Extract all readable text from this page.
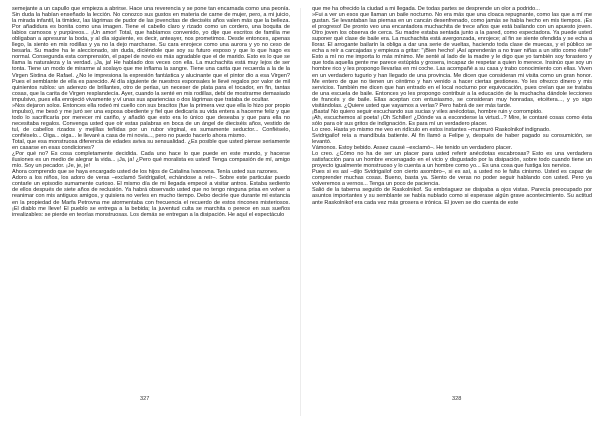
semejante a un capullo que empieza a abrirse. Hace una reverencia y se pone tan encarnada como una peonía. Sin duda la habían enseñado la lección. No conozco sus gustos en materia de carne de mujer, pero, a mi juicio, la mirada infantil, la timidez, las lágrimas de pudor de las jovencitas de dieciséis años valen más que la belleza. Por añadidura es bonita como una imagen. Tiene el cabello claro y rizado como un cordero, una boquita de labios carnosos y purpúreos... ¡Un amor! Total, que habíamos convenido, yo dije que escritos de familia me obligaban a apresurar la boda, y al día siguiente, es decir, anteayer, nos prometimos. Desde entonces, apenas llego, la siento en mis rodillas y ya no la dejo marcharse. Su cara enrojece como una aurora y yo no ceso de besarla. Su madre ha le aleccionado, sin duda, diciéndole que soy su futuro esposo y que lo que hago es normal. Consegunda esta comprensión, el papel de novio es más agradable que el de marido. Esto es lo que se llama la naturaleza y la verdad. ¡Ja, ja! He hablado dos veces con ella. La muchachita está muy lejos de ser tonta. Tiene un modo de mirarme al soslayo que me inflama la sangre. Tiene una carita que recuerda a la de la Virgen Sixtina de Rafael. ¿No le impresiona la expresión fantástica y alucinante que el pintor dio a esa Virgen? Pues el semblante de ella es parecido. Al día siguiente de nuestros esponsales le llevé regalos por valor de mil quinientos rublos: un aderezo de brillantes, otro de perlas, un neceser de plata para el tocador, en fin, tantas cosas, que la carita de Virgen resplandecía. Ayer, cuando la senté en mis rodillas, debí de mostrarme demasiado impulsivo, pues ella enrojeció vivamente y ví unas sus apariencias o dos lágrimas que trataba de ocultar.

»Nos dejaron solos. Entonces ella rodeó mi cuello con sus bracitos (fue la primera vez que ella lo hizo por propio impulso), me besó y me juró ser una esposa obediente y fiel que dedicaría su vida entera a hacerme feliz y que todo lo sacrificaría por merecer mi cariño, y añadió que esto era lo único que deseaba y que para ella no necesitaba regalos. Convenga usted que oír estas palabras en boca de un ángel de dieciséis años, vestido de tul, de cabellos rizados y mejillas teñidas por un rubor virginal, es sumamente seductor... Confiéselo, confiéselo... Oiga... oiga... le llevaré a casa de mi novia..., pero no puedo hacerlo ahora mismo.

Total, que esa monstruosa diferencia de edades aviva su sensualidad. ¿Es posible que usted piense seriamente en casarse en esas condiciones?

¿Por qué no? Es cosa completamente decidida. Cada uno hace lo que puede en este mundo, y hacerse ilusiones es un medio de alegrar la vida... ¡Ja, ja! ¿Pero qué moralista es usted! Tenga compasión de mí, amigo mío. Soy un pecador. ¡Je, je, je!

Ahora comprendo que se haya encargado usted de los hijos de Catalina Ivanovna. Tenía usted sus razones.

Adoro a los niños, los adoro de veras –exclamó Svidrigailof, echándose a reír–. Sobre este particular puedo contarle un episodio sumamente curioso. El mismo día de mi llegada empecé a visitar antros. Estaba sediento de ellos después de siete años de reclusión. Ya habrá observado usted que no tengo ninguna prisa en volver a reanimar con mis antiguos amigos, y quisiera no verles en mucho tiempo. Debo decirle que durante mi estancia en la propiedad de Marfa Petrovna me atormentaba con frecuencia el recuerdo de estos rincones misteriosos. ¡El diablo me lleve! El pueblo se entrega a la bebida; la juventud culta se marchita o perece en sus sueños irrealizables: se pierde en teorías monstruosas. Los demás se entregan a la disipación. He aquí el espectáculo

327

que me ha ofrecido la ciudad a mi llegada. De todas partes se desprende un olor a podrido...

»Fui a ver un esos que llaman un baile nocturno. No era más que una cloaca repugnante, como las que a mí me gustan. Se levantaban las piernas en un cancán desenfrenado, como jamás se había hecho en mis tiempos. ¡Es el progreso! De pronto veo una encantadora muchachita de trece años que está bailando con un apuesto joven. Otro joven los observa de cerca. Su madre estaba sentada junto a la pared, como espectadora. Ya puede usted suponer qué clase de baile era. La muchachita está avergonzada, enrojece; al fin se siente ofendida y se echa a llorar. El arrogante bailarín la obliga a dar una serie de vueltas, haciendo toda clase de muecas, y el público se echa a reír a carcajadas y empieza a gritar: "¡Bien hecho! ¡Así aprenderán a no traer niñas a un sitio como éste!" Esto a mí no me importa lo más mínimo. Me senté al lado de la madre y le digo que yo también soy forastero y que toda aquella gente me parece estúpida y grosera, incapaz de respetar a quien lo merece. Insinúo que soy un hombre rico y les propongo llevarlas en mi coche. Las acompañé a su casa y trabo conocimiento con ellas. Viven en un verdadero tugurio y han llegado de una provincia. Me dicen que consideran mi visita como un gran honor. Me entero de que no tienen un céntimo y han venido a hacer ciertas gestiones. Yo les ofrezco dinero y mis servicios. También me dicen que han entrado en el local nocturno por equivocación, pues creían que se trataba de una escuela de baile. Entonces yo les propongo contribuir a la educación de la muchacha dándole lecciones de francés y de baile. Ellas aceptan con entusiasmo, se consideran muy honradas, etcétera..., y yo sigo visitándolas. ¿Quiere usted que vayamos a verlas? Pero habrá de ser más tarde.

¡Basta! No quiero seguir escuchando sus sucias y viles anécdotas, hombre ruin y corrompido.

¡Ah, escuchemos al poeta! ¡Oh Schiller! ¿Dónde va a esconderse la virtud...? Mire, le contaré cosas como ésta sólo para oír sus gritos de indignación. Es para mí un verdadero placer.

Lo creo. Hasta yo mismo me veo en ridículo en estos instantes –murmuró Raskolnikof indignado.

Svidrigailof reía a mandíbula batiente. Al fin llamó a Felipe y, después de haber pagado su consumición, se levantó.

Vámonos. Estoy bebido. Assez causé –exclamó–. He tenido un verdadero placer.

Lo creo. ¿Cómo no ha de ser un placer para usted referir anécdotas escabrosas? Esto es una verdadera satisfacción para un hombre encenagado en el vicio y disgustado por la disipación, sobre todo cuando tiene un proyecto igualmente monstruoso y lo cuenta a un hombre como yo... Es una cosa que fustiga los nervios.

Pues si es así –dijo Svidrigailof con cierto asombro–, si es así, a usted no le falta cinismo. Usted es capaz de comprender muchas cosas. Bueno, basta ya. Siento de veras no poder seguir hablando con usted. Pero ya volveremos a vernos... Tenga un poco de paciencia.

Salió de la taberna seguido de Raskolnikof. Su embriaguez se disipaba a ojos vistas. Parecía preocupado por asuntos importantes y su semblante se había nublado como si esperase algún grave acontecimiento. Su actitud ante Raskolnikof era cada vez más grosera e irónica. El joven se dio cuenta de este

328
